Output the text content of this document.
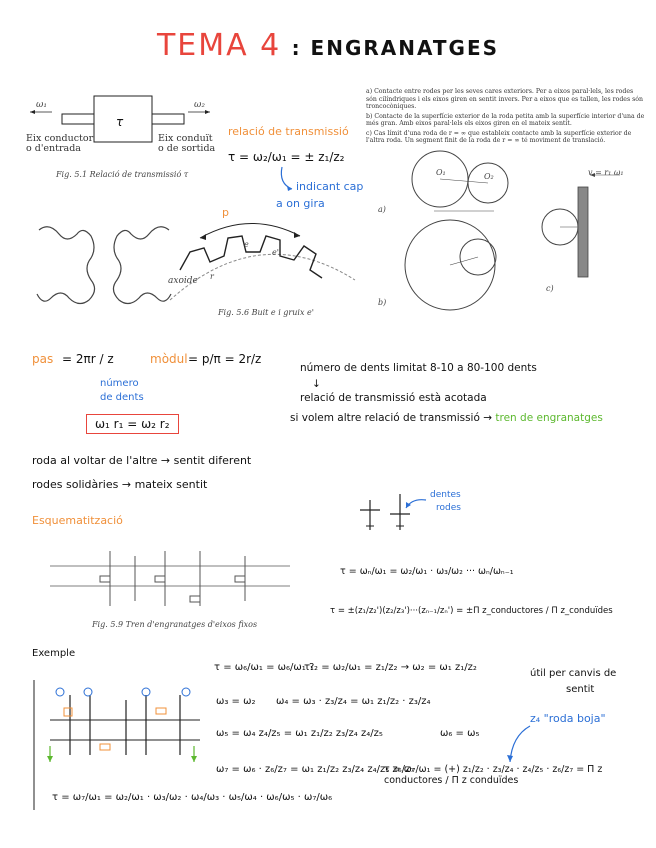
TEMA 4 : ENGRANATGES
τ
ω₁	ω₂
Eix conductor
o d'entrada
Eix conduït
o de sortida
Fig. 5.1 Relació de transmissió τ
relació de transmissió
τ = ω₂/ω₁ = ± z₁/z₂
indicant cap
a on gira

a) Contacte entre rodes per les seves cares exteriors. Per a eixos paral·lels, les rodes són cilíndriques i els eixos giren en sentit invers. Per a eixos que es tallen, les rodes són troncocòniques.

b) Contacte de la superfície exterior de la roda petita amb la superfície interior d'una de més gran. Amb eixos paral·lels els eixos giren en el mateix sentit.

c) Cas límit d'una roda de r = ∞ que estableix contacte amb la superfície exterior de l'altra roda. Un segment finit de la roda de r = ∞ té moviment de translació.

a)
b)
c)
O₁	O₂	v = r₁ ω₁
p
e
e'
axoide r
Fig. 5.6 Buit e i gruix e'
pas = 2πr / z
número
de dents
mòdul = p/π = 2r/z
ω₁ r₁ = ω₂ r₂
número de dents limitat 8-10 a 80-100 dents
↓
relació de transmissió està acotada
si volem altre relació de transmissió → tren de engranatges
roda al voltar de l'altre → sentit diferent
rodes solidàries → mateix sentit
Esquematització
dentes
rodes
Fig. 5.9 Tren d'engranatges d'eixos fixos
τ = ωₙ/ω₁ = ω₂/ω₁ · ω₃/ω₂ ··· ωₙ/ωₙ₋₁
τ = ±(z₁/z₂')(z₂/z₃')···(zₙ₋₁/zₙ') = ±Π z_conductores / Π z_conduïdes
Exemple
τ = ω₆/ω₁ = ω₆/ω₁ ?
τ₁₂ = ω₂/ω₁ = z₁/z₂ → ω₂ = ω₁ z₁/z₂
ω₃ = ω₂ ω₄ = ω₃ · z₃/z₄ = ω₁ z₁/z₂ · z₃/z₄
ω₅ = ω₄ z₄/z₅ = ω₁ z₁/z₂ z₃/z₄ z₄/z₅	ω₆ = ω₅
ω₇ = ω₆ · z₆/z₇ = ω₁ z₁/z₂ z₃/z₄ z₄/z₅ z₆/z₇
τ = ω₇/ω₁ = (+) z₁/z₂ · z₃/z₄ · z₄/z₅ · z₆/z₇ = Π z conductores / Π z conduïdes
útil per canvis de
sentit
z₄ "roda boja"
τ = ω₇/ω₁ = ω₂/ω₁ · ω₃/ω₂ · ω₄/ω₃ · ω₅/ω₄ · ω₆/ω₅ · ω₇/ω₆
